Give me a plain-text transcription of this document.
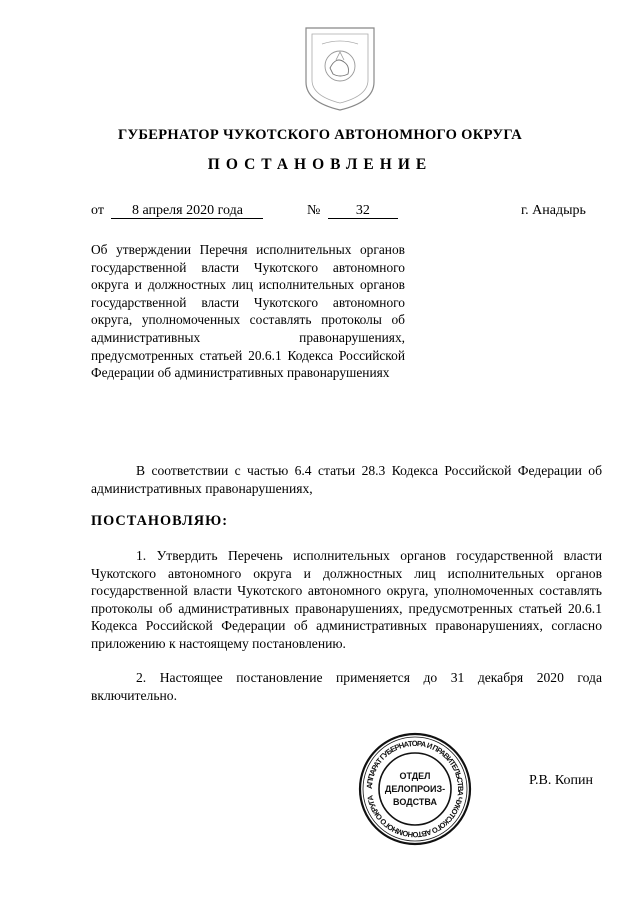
ГУБЕРНАТОР ЧУКОТСКОГО АВТОНОМНОГО ОКРУГА
ПОСТАНОВЛЕНИЕ
от 8 апреля 2020 года	№	32	г. Анадырь
Об утверждении Перечня исполнительных органов государственной власти Чукотского автономного округа и должностных лиц исполнительных органов государственной власти Чукотского автономного округа, уполномоченных составлять протоколы об административных правонарушениях, предусмотренных статьей 20.6.1 Кодекса Российской Федерации об административных правонарушениях
В соответствии с частью 6.4 статьи 28.3 Кодекса Российской Федерации об административных правонарушениях,
ПОСТАНОВЛЯЮ:
1. Утвердить Перечень исполнительных органов государственной власти Чукотского автономного округа и должностных лиц исполнительных органов государственной власти Чукотского автономного округа, уполномоченных составлять протоколы об административных правонарушениях, предусмотренных статьей 20.6.1 Кодекса Российской Федерации об административных правонарушениях, согласно приложению к настоящему постановлению.
2. Настоящее постановление применяется до 31 декабря 2020 года включительно.
АППАРАТ ГУБЕРНАТОРА И ПРАВИТЕЛЬСТВА ЧУКОТСКОГО АВТОНОМНОГО ОКРУГА
ОТДЕЛ
ДЕЛОПРОИЗ-
ВОДСТВА
Р.В. Копин
